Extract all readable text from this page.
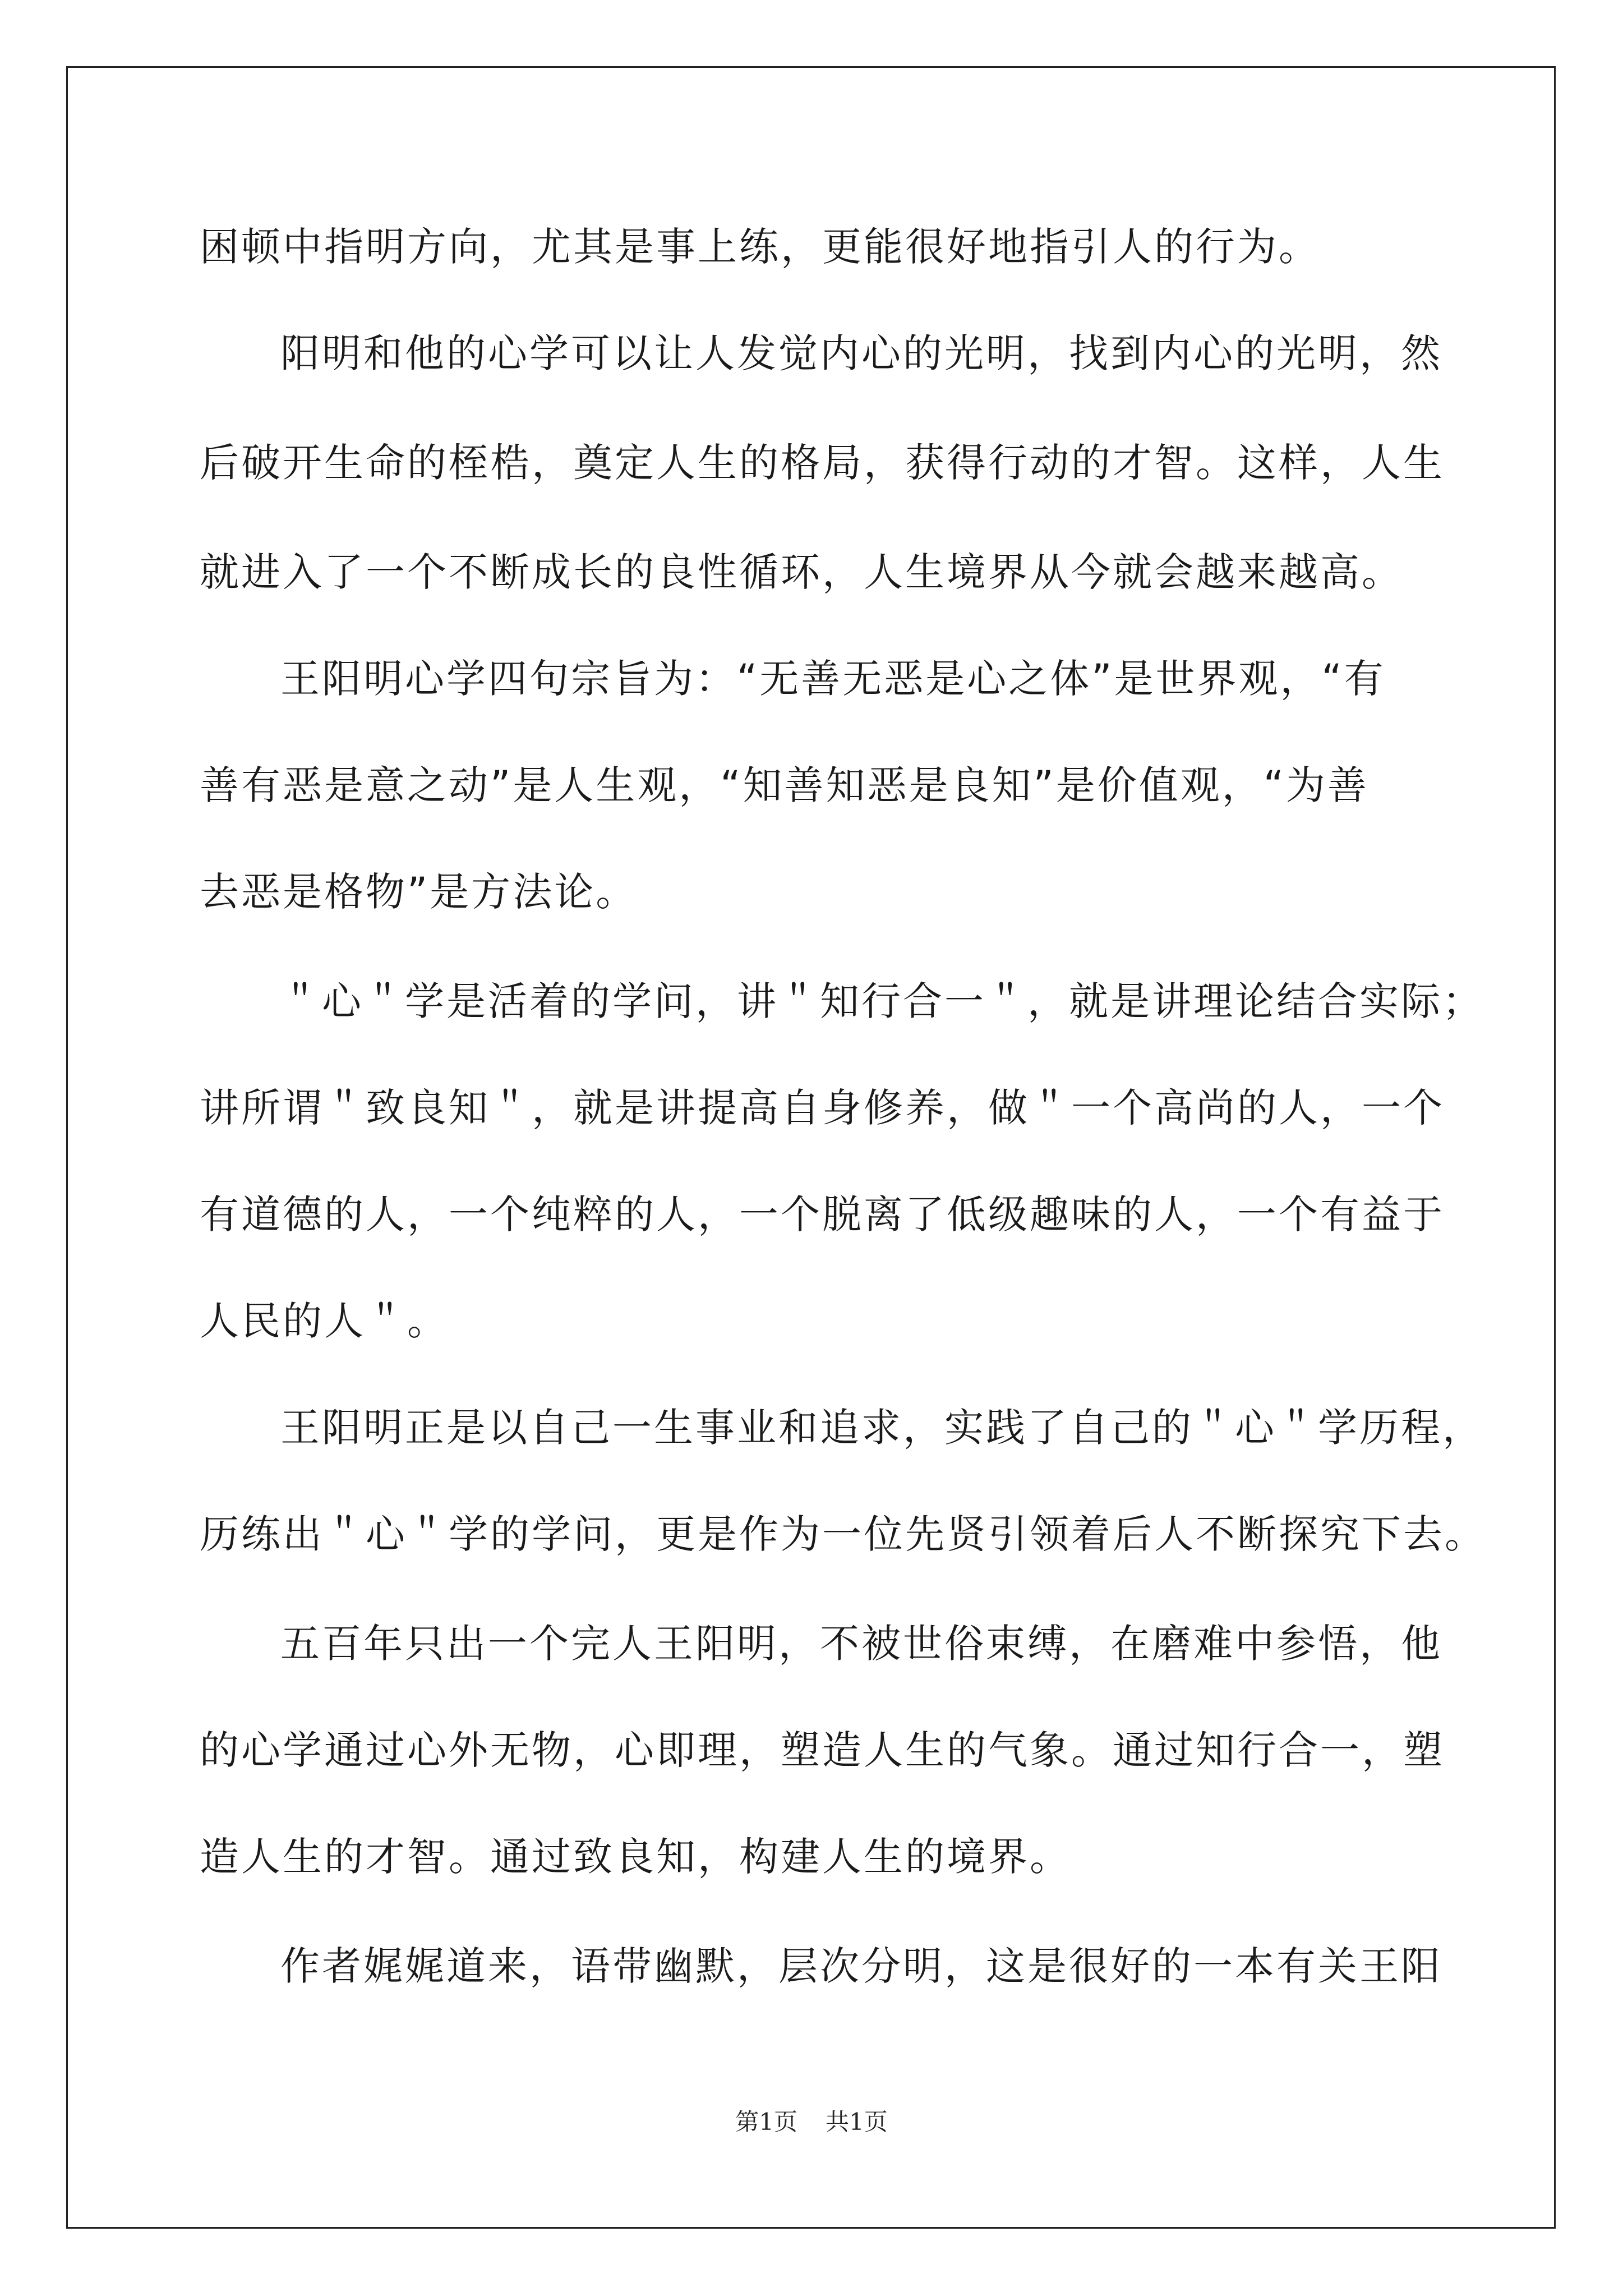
困顿中指明方向，尤其是事上练，更能很好地指引人的行为。

阳明和他的心学可以让人发觉内心的光明，找到内心的光明，然

后破开生命的桎梏，奠定人生的格局，获得行动的才智。这样，人生

就进入了一个不断成长的良性循环，人生境界从今就会越来越高。

王阳明心学四句宗旨为：“无善无恶是心之体”是世界观，“有

善有恶是意之动”是人生观，“知善知恶是良知”是价值观，“为善

去恶是格物”是方法论。

＂心＂学是活着的学问，讲＂知行合一＂，就是讲理论结合实际；

讲所谓＂致良知＂，就是讲提高自身修养，做＂一个高尚的人，一个

有道德的人，一个纯粹的人，一个脱离了低级趣味的人，一个有益于

人民的人＂。

王阳明正是以自己一生事业和追求，实践了自己的＂心＂学历程，

历练出＂心＂学的学问，更是作为一位先贤引领着后人不断探究下去。

五百年只出一个完人王阳明，不被世俗束缚，在磨难中参悟，他

的心学通过心外无物，心即理，塑造人生的气象。通过知行合一，塑

造人生的才智。通过致良知，构建人生的境界。

作者娓娓道来，语带幽默，层次分明，这是很好的一本有关王阳

第1页 共1页
